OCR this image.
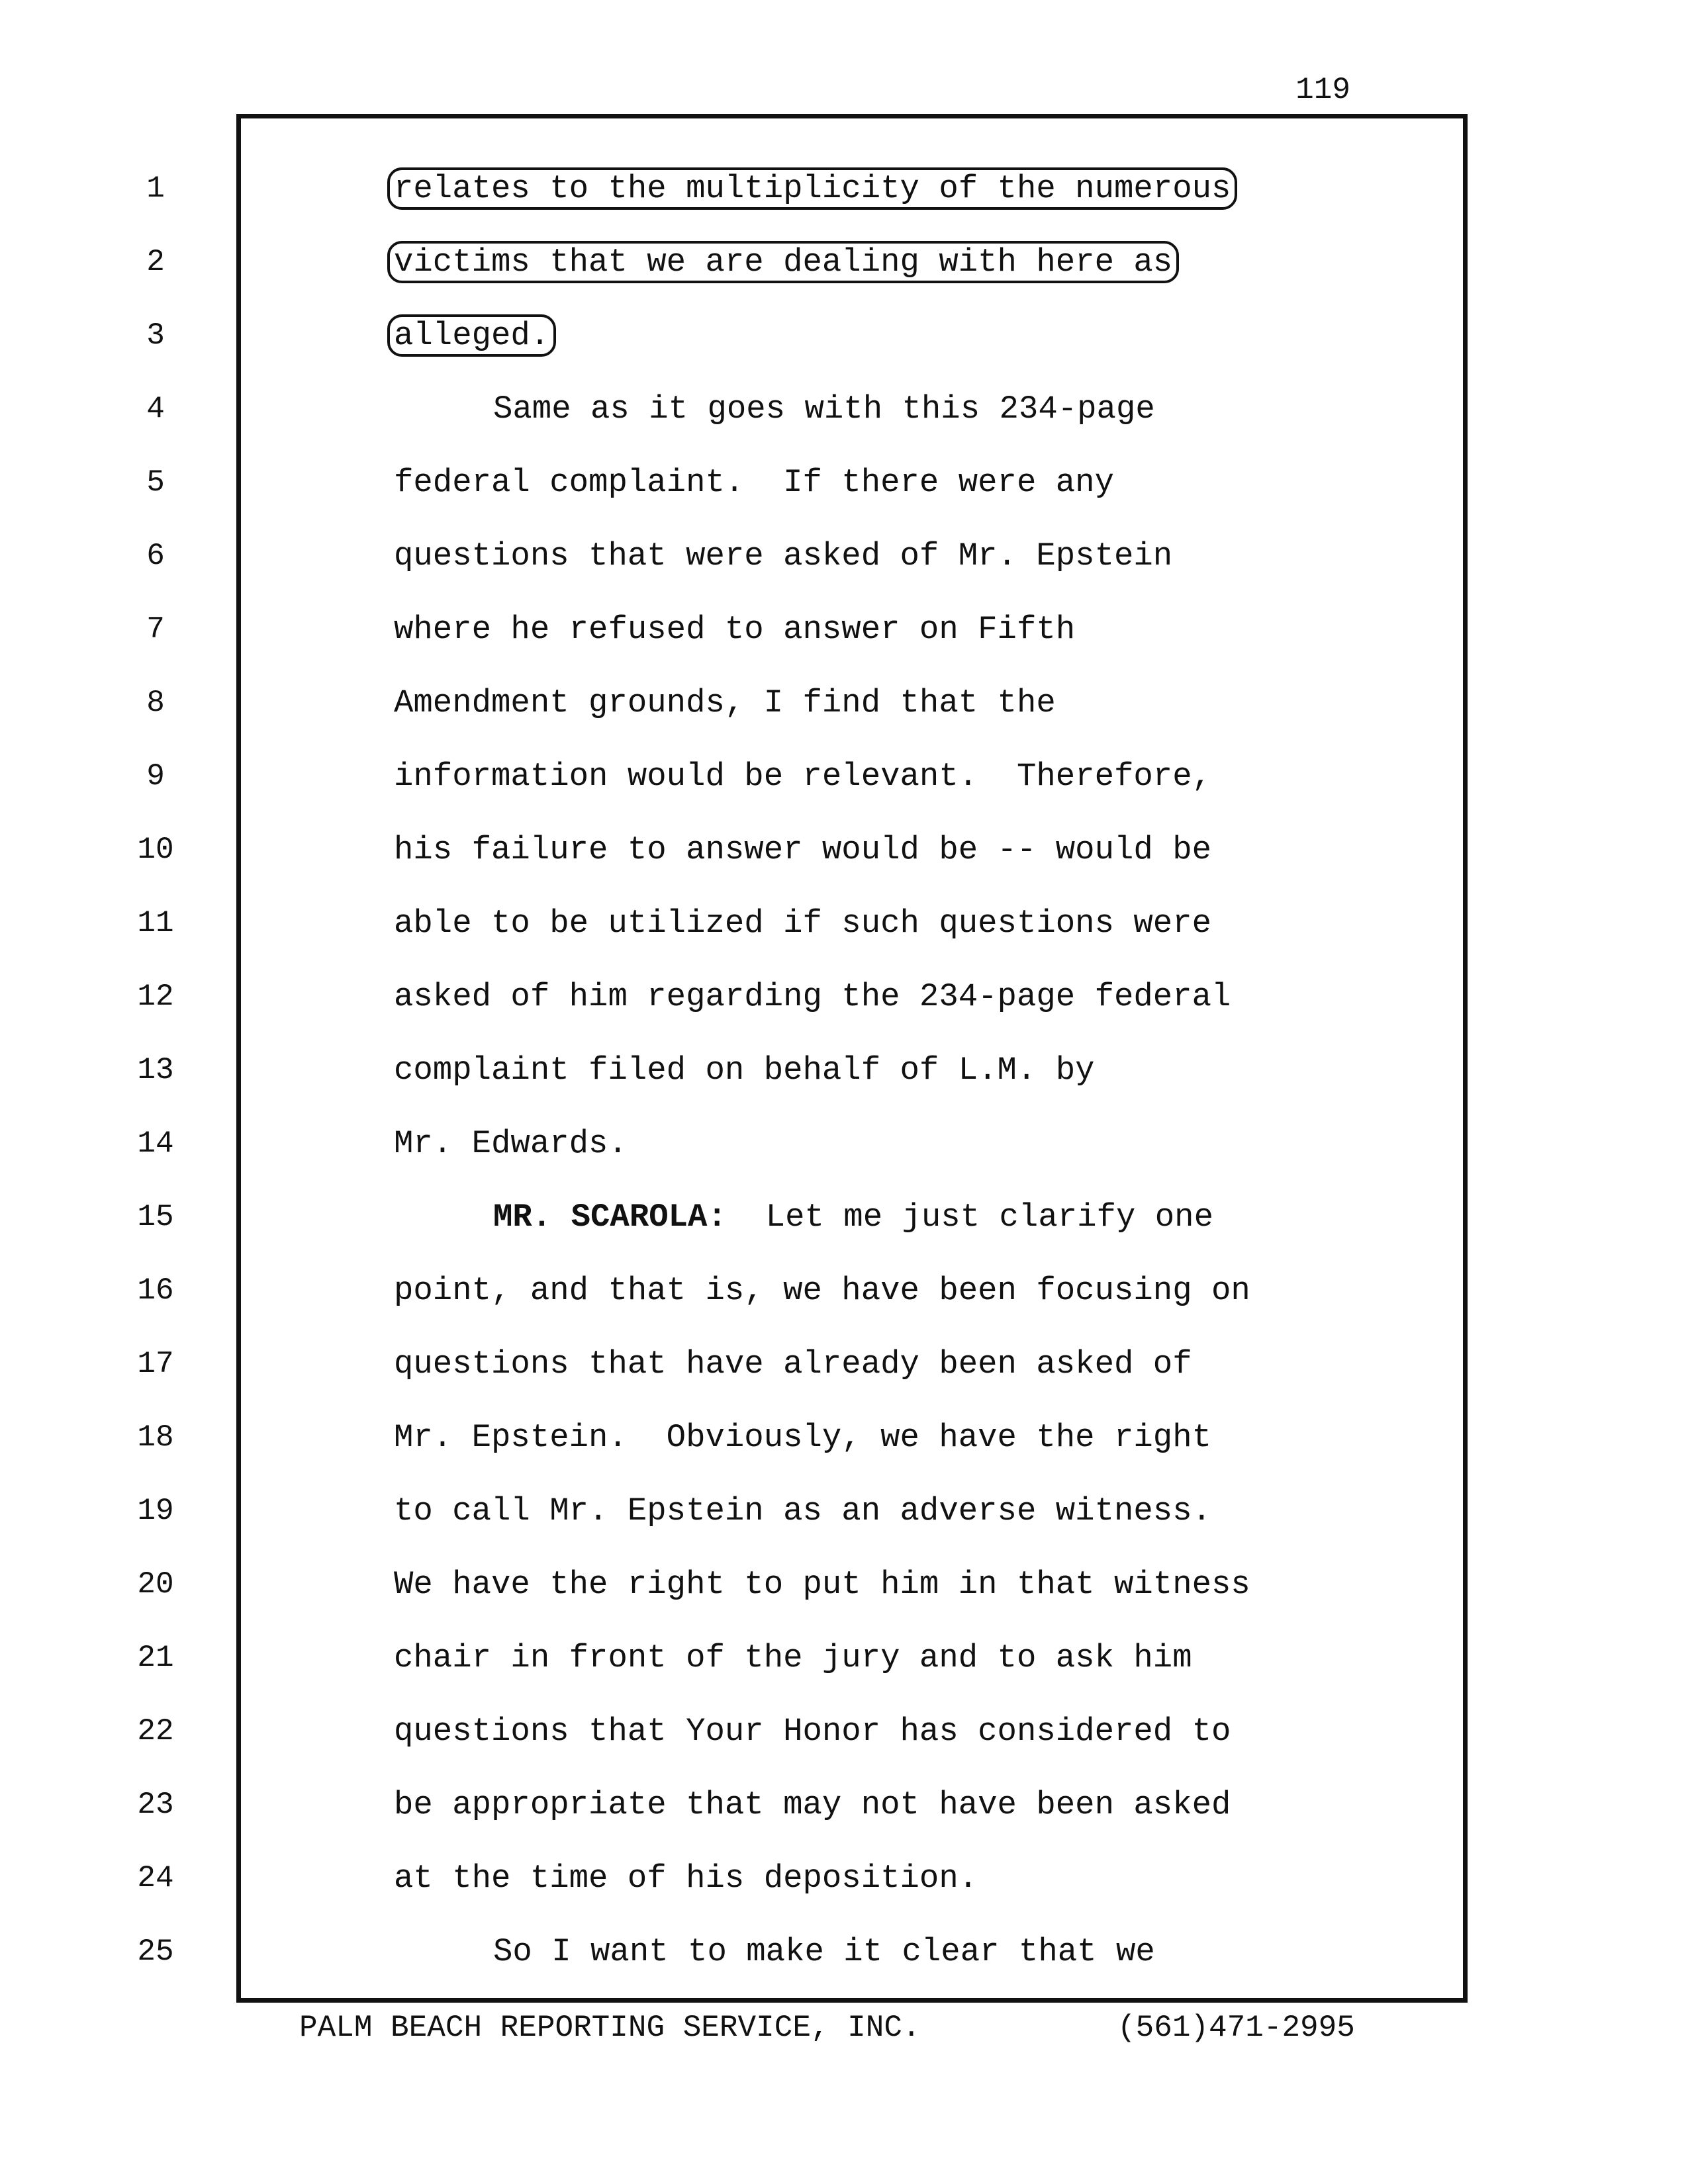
119
1
2
3
4
5
6
7
8
9
10
11
12
13
14
15
16
17
18
19
20
21
22
23
24
25
relates to the multiplicity of the numerous
victims that we are dealing with here as
alleged.
Same as it goes with this 234-page
federal complaint.  If there were any
questions that were asked of Mr. Epstein
where he refused to answer on Fifth
Amendment grounds, I find that the
information would be relevant.  Therefore,
his failure to answer would be -- would be
able to be utilized if such questions were
asked of him regarding the 234-page federal
complaint filed on behalf of L.M. by
Mr. Edwards.
MR. SCAROLA:  Let me just clarify one
point, and that is, we have been focusing on
questions that have already been asked of
Mr. Epstein.  Obviously, we have the right
to call Mr. Epstein as an adverse witness.
We have the right to put him in that witness
chair in front of the jury and to ask him
questions that Your Honor has considered to
be appropriate that may not have been asked
at the time of his deposition.
So I want to make it clear that we
PALM BEACH REPORTING SERVICE, INC.	(561)471-2995
